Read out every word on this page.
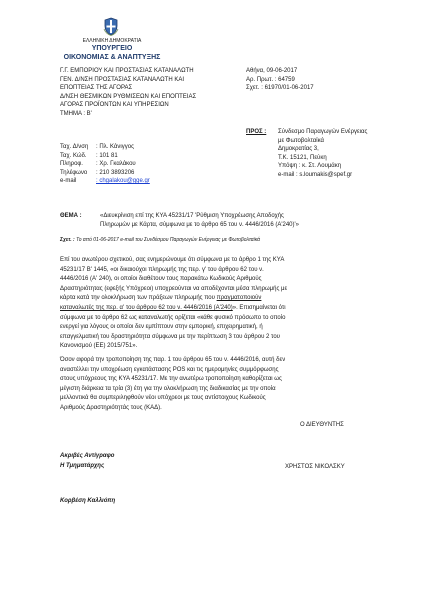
ΕΛΛΗΝΙΚΗ ΔΗΜΟΚΡΑΤΙΑ
ΥΠΟΥΡΓΕΙΟ
ΟΙΚΟΝΟΜΙΑΣ & ΑΝΑΠΤΥΞΗΣ

Γ.Γ. ΕΜΠΟΡΙΟΥ ΚΑΙ ΠΡΟΣΤΑΣΙΑΣ ΚΑΤΑΝΑΛΩΤΗ

ΓΕΝ. Δ/ΝΣΗ ΠΡΟΣΤΑΣΙΑΣ ΚΑΤΑΝΑΛΩΤΗ ΚΑΙ

ΕΠΟΠΤΕΙΑΣ ΤΗΣ ΑΓΟΡΑΣ

Δ/ΝΣΗ ΘΕΣΜΙΚΩΝ ΡΥΘΜΙΣΕΩΝ ΚΑΙ ΕΠΟΠΤΕΙΑΣ

ΑΓΟΡΑΣ ΠΡΟΪΟΝΤΩΝ ΚΑΙ ΥΠΗΡΕΣΙΩΝ

ΤΜΗΜΑ : Β'

Αθήνα, 09-06-2017

Αρ. Πρωτ. : 64759

Σχετ. : 61970/01-06-2017

Ταχ. Δ/νση : Πλ. Κάνιγγος

Ταχ. Κώδ. : 101 81

Πληροφ. : Χρ. Γκαλάκου

Τηλέφωνο : 210 3893206

e-mail	: chgalakou@gge.gr

ΠΡΟΣ : Σύνδεσμο Παραγωγών Ενέργειας

με Φωτοβολταϊκά

Δημοκρατίας 3,

Τ.Κ. 15121, Πεύκη

Υπόψη : κ. Στ. Λουμάκη

e-mail : s.loumakis@spef.gr

ΘΕΜΑ :	«Διευκρίνιση επί της ΚΥΑ 45231/17 'Ρύθμιση Υποχρέωσης Αποδοχής

Πληρωμών με Κάρτα, σύμφωνα με το άρθρο 65 του ν. 4446/2016 (Α'240)'»

Σχετ. : Το από 01-06-2017 e-mail του Συνδέσμου Παραγωγών Ενέργειας με Φωτοβολταϊκά

Επί του ανωτέρου σχετικού, σας ενημερώνουμε ότι σύμφωνα με το άρθρο 1 της ΚΥΑ

45231/17 Β' 1445, «οι δικαιούχοι πληρωμής της περ. γ' του άρθρου 62 του ν.

4446/2016 (Α' 240), οι οποίοι διαθέτουν τους παρακάτω Κωδικούς Αριθμούς

Δραστηριότητας (εφεξής Υπόχρεοι) υποχρεούνται να αποδέχονται μέσα πληρωμής με

κάρτα κατά την ολοκλήρωση των πράξεων πληρωμής που πραγματοποιούν

καταναλωτές της περ. α' του άρθρου 62 του ν. 4446/2016 (Α'240)». Επισημαίνεται ότι

σύμφωνα με το άρθρο 62 ως καταναλωτής ορίζεται «κάθε φυσικό πρόσωπο το οποίο

ενεργεί για λόγους οι οποίοι δεν εμπίπτουν στην εμπορική, επιχειρηματική, ή

επαγγελματική του δραστηριότητα σύμφωνα με την περίπτωση 3 του άρθρου 2 του

Κανονισμού (ΕΕ) 2015/751».

Όσον αφορά την τροποποίηση της παρ. 1 του άρθρου 65 του ν. 4446/2016, αυτή δεν

αναστέλλει την υποχρέωση εγκατάστασης POS και τις ημερομηνίες συμμόρφωσης

στους υπόχρεους της ΚΥΑ 45231/17. Με την ανωτέρω τροποποίηση καθορίζεται ως

μέγιστη διάρκεια τα τρία (3) έτη για την ολοκλήρωση της διαδικασίας με την οποία

μελλοντικά θα συμπεριληφθούν νέοι υπόχρεοι με τους αντίστοιχους Κωδικούς

Αριθμούς Δραστηριότητάς τους (ΚΑΔ).

Ο ΔΙΕΥΘΥΝΤΗΣ
ΧΡΗΣΤΟΣ ΝΙΚΟΛΣΚΥ
Ακριβές Αντίγραφο
Η Τμηματάρχης
Κορβέση Καλλιόπη
